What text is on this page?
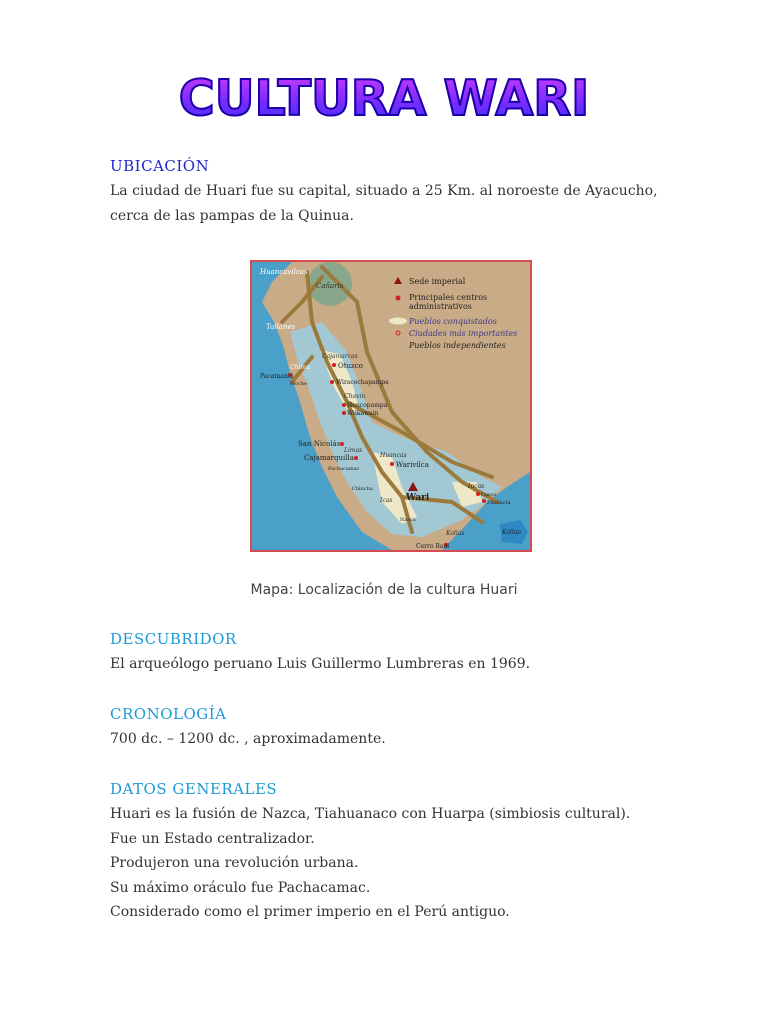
CULTURA WARI
UBICACIÓN
La ciudad de Huari fue su capital, situado a 25 Km. al noroeste de Ayacucho,
cerca de las pampas de la Quinua.
Sede imperial
Principales centros
administrativos
Pueblos conquistados
Ciudades más importantes
Pueblos independientes
Huancavilcas
Cañaris
Tallanes
Cajamarcas
Otuzco
Chimú
Pacatnamú
Moche	Wiracochapampa
Chavín
Honcopampa
Wilkawain
San Nicolás
Limas
Cajamarquilla
Pachacamac
Huancas
Warivilca
Chincha
Wari
Icas
Nasca
Kollas
Cerro Baúl
Incas
Cusco
Pikillacta
Kollao
Mapa: Localización de la cultura Huari
DESCUBRIDOR
El arqueólogo peruano Luis Guillermo Lumbreras en 1969.
CRONOLOGÍA
700 dc. – 1200 dc. , aproximadamente.
DATOS GENERALES
Huari es la fusión de Nazca, Tiahuanaco con Huarpa (simbiosis cultural).
Fue un Estado centralizador.
Produjeron una revolución urbana.
Su máximo oráculo fue Pachacamac.
Considerado como el primer imperio en el Perú antiguo.
